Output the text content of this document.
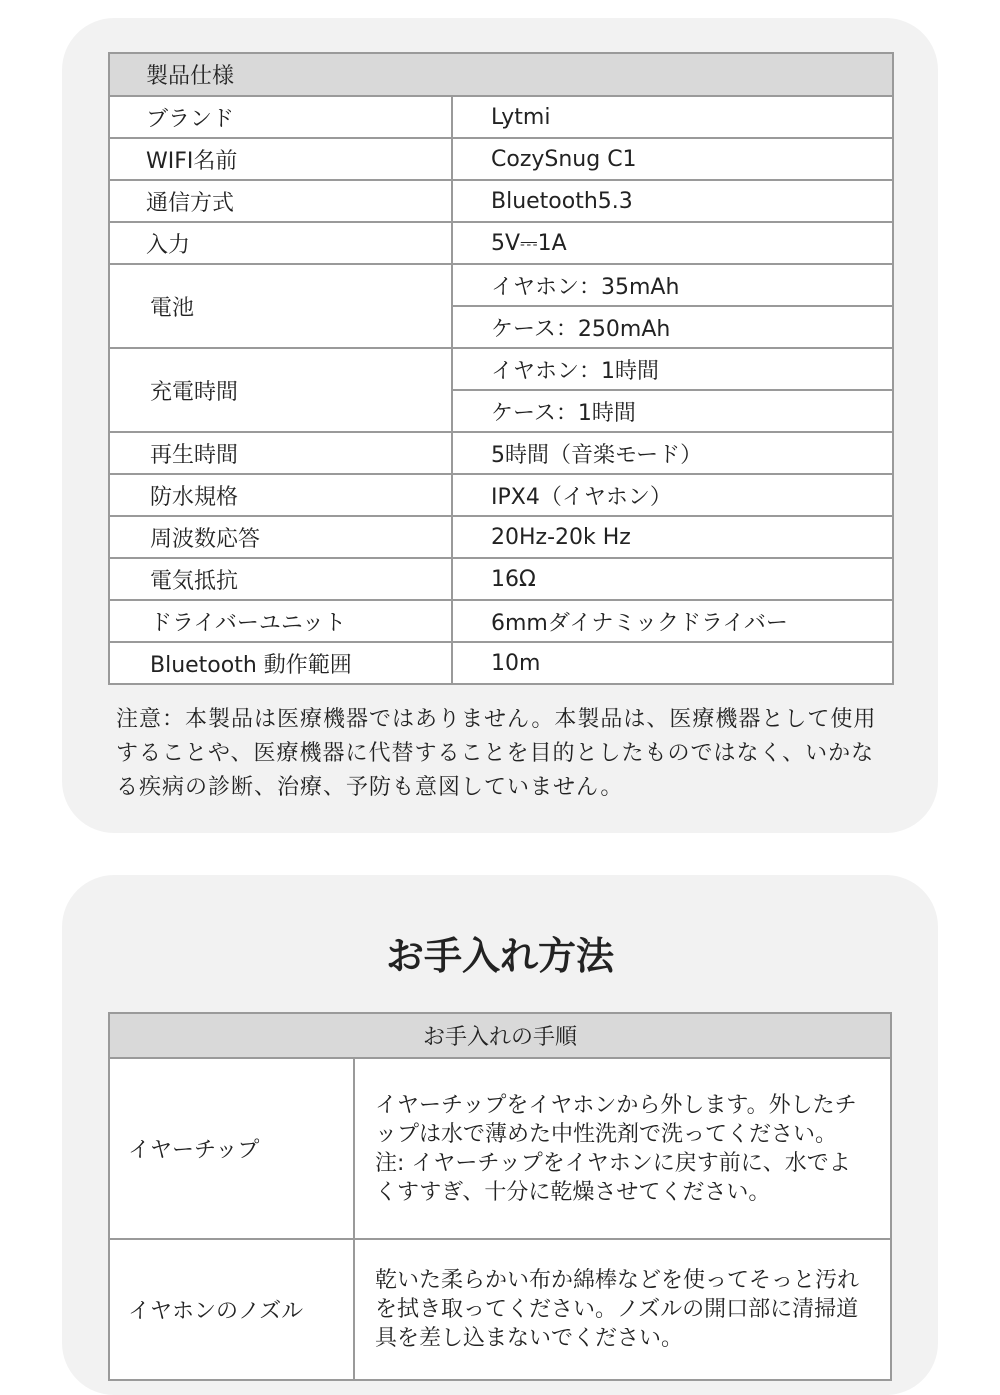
製品仕様	
ブランド	Lytmi
WIFI名前	CozySnug C1
通信方式	Bluetooth5.3
入力	5V⎓1A
電池	イヤホン：35mAh
	ケース：250mAh
充電時間	イヤホン：1時間
	ケース：1時間
再生時間	5時間（音楽モード）
防水規格	IPX4（イヤホン）
周波数応答	20Hz-20k Hz
電気抵抗	16Ω
ドライバーユニット	6mmダイナミックドライバー
Bluetooth 動作範囲	10m

注意：本製品は医療機器ではありません。本製品は、医療機器として使用することや、医療機器に代替することを目的としたものではなく、いかなる疾病の診断、治療、予防も意図していません。

お手入れ方法
お手入れの手順	
イヤーチップ	イヤーチップをイヤホンから外します。外したチップは水で薄めた中性洗剤で洗ってください。
注: イヤーチップをイヤホンに戻す前に、水でよくすすぎ、十分に乾燥させてください。

イヤホンのノズル	乾いた柔らかい布か綿棒などを使ってそっと汚れを拭き取ってください。ノズルの開口部に清掃道具を差し込まないでください。
